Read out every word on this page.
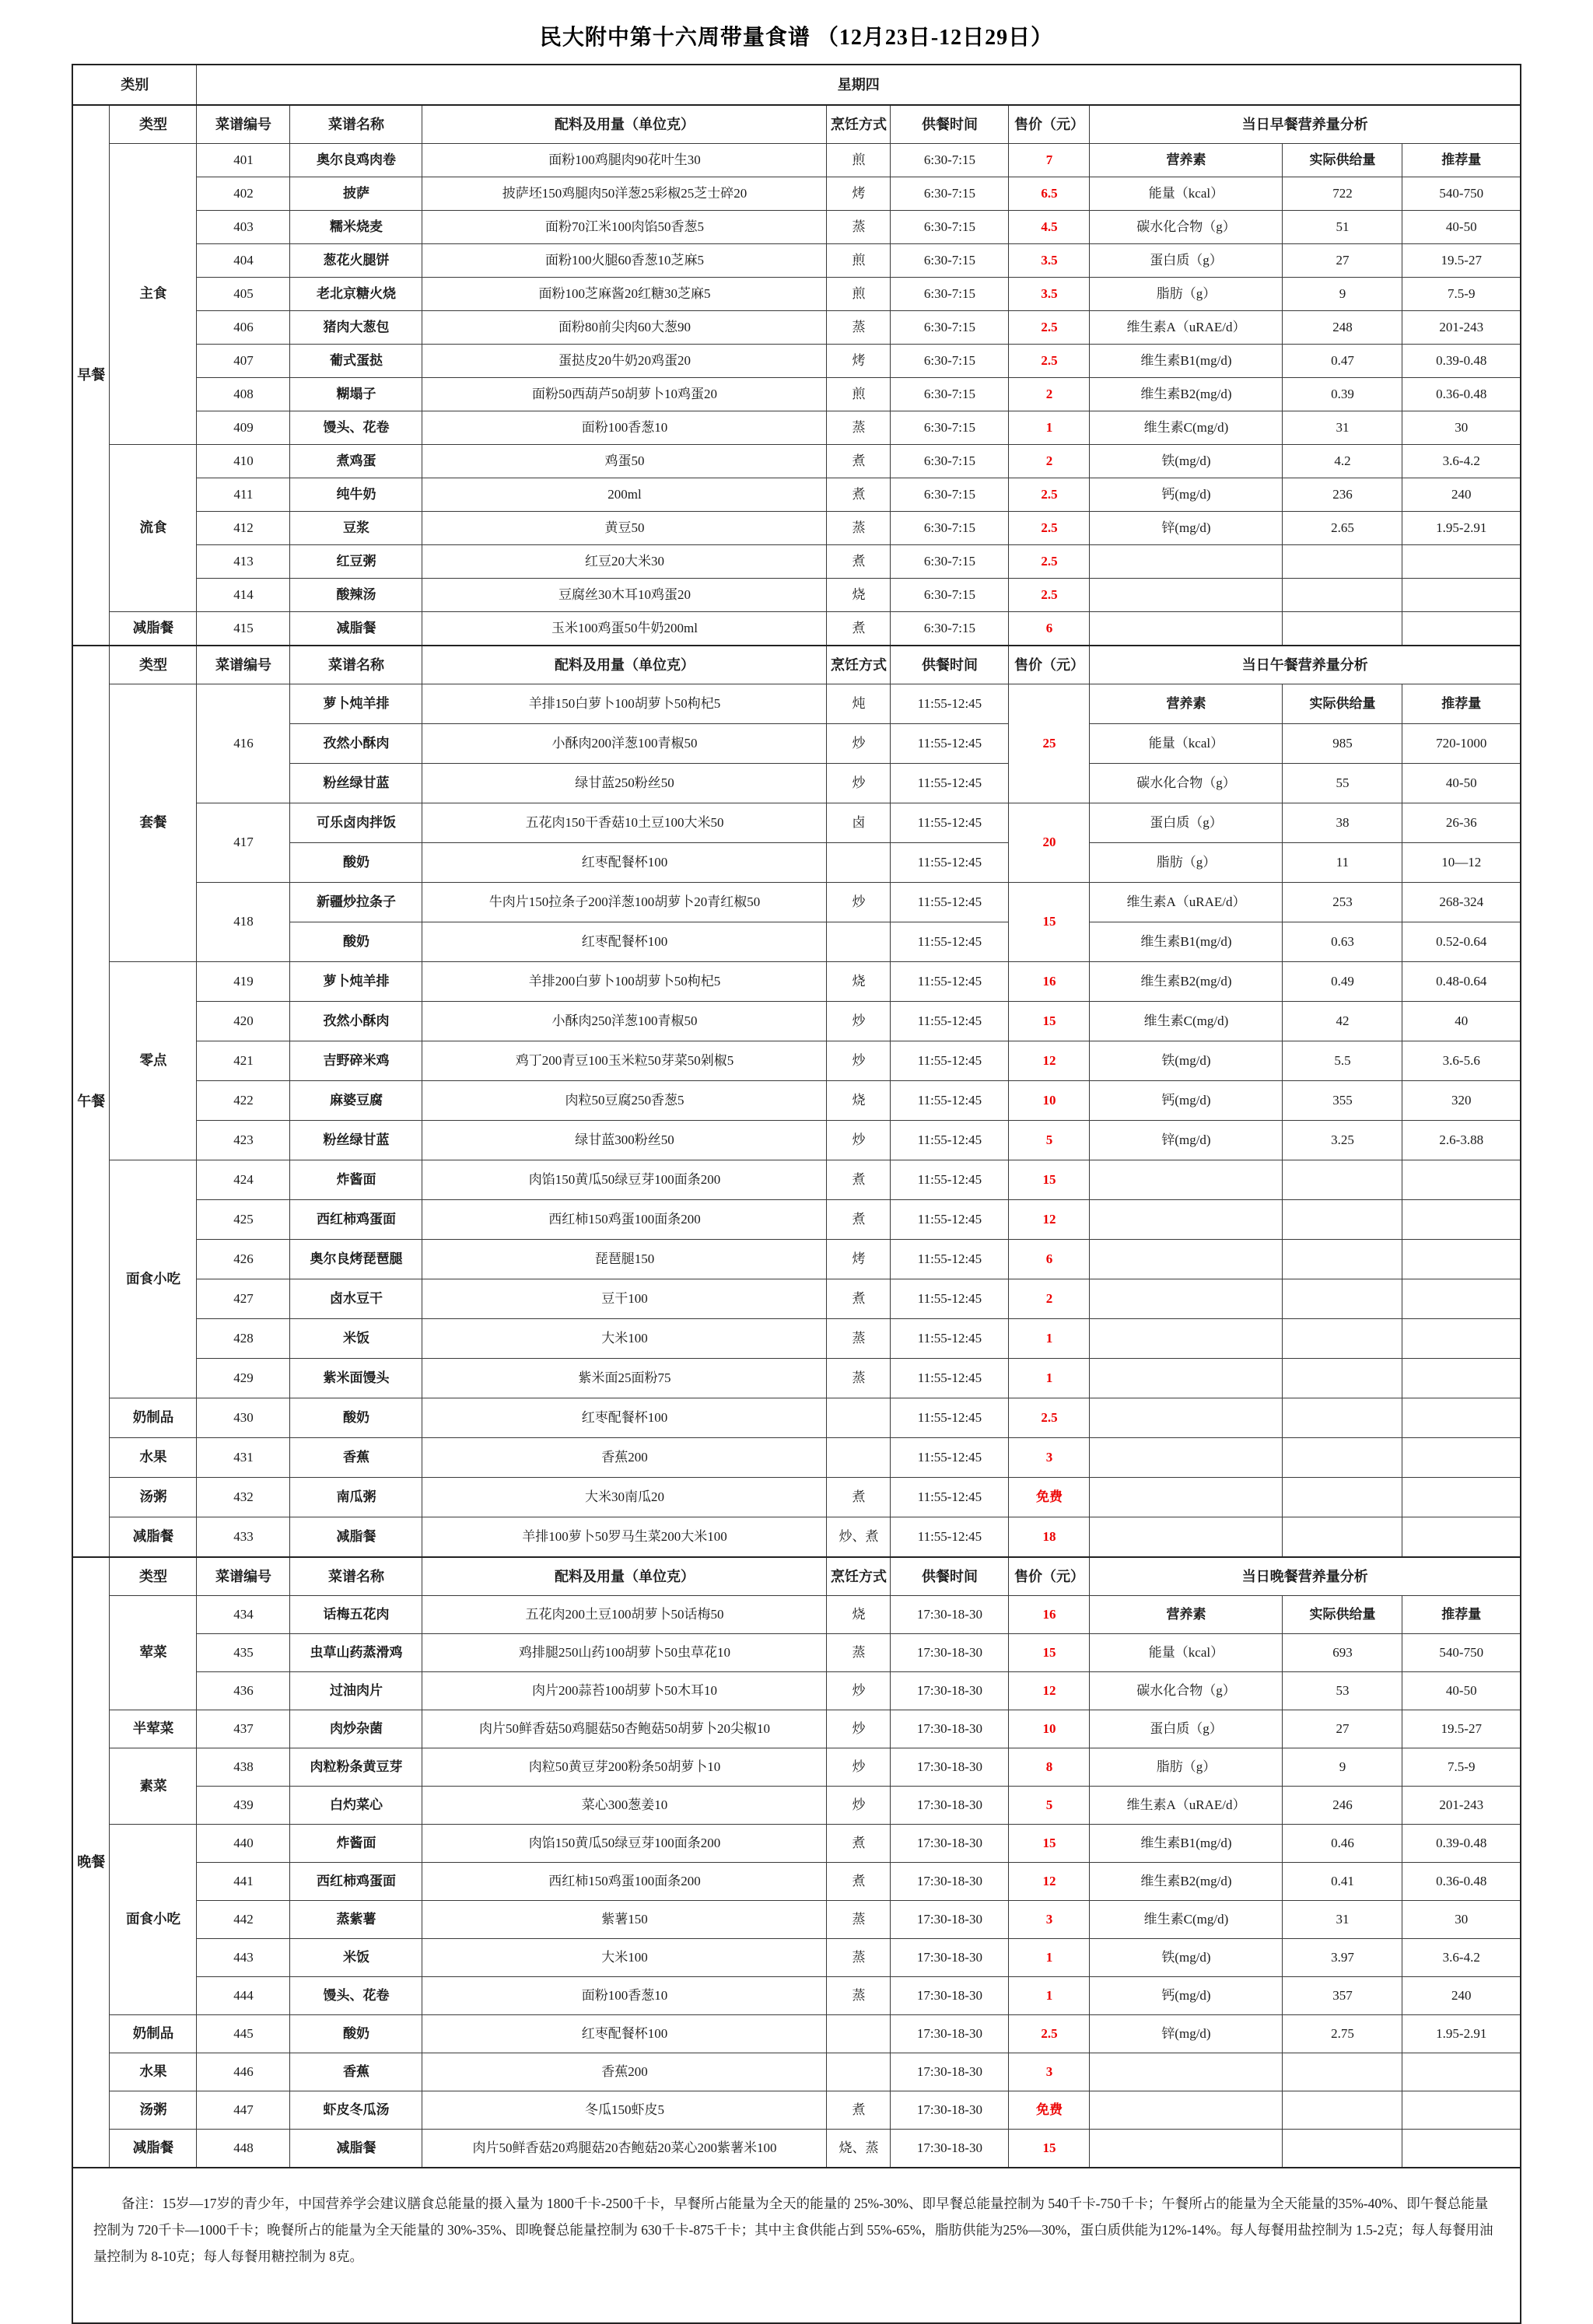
民大附中第十六周带量食谱 （12月23日-12日29日）
类别		星期四								
早餐	类型	菜谱编号	菜谱名称	配料及用量（单位克）	烹饪方式	供餐时间	售价（元）	当日早餐营养量分析		
	主食	401	奥尔良鸡肉卷	面粉100鸡腿肉90花叶生30	煎	6:30-7:15	7	营养素	实际供给量	推荐量
		402	披萨	披萨坯150鸡腿肉50洋葱25彩椒25芝士碎20	烤	6:30-7:15	6.5	能量（kcal）	722	540-750
		403	糯米烧麦	面粉70江米100肉馅50香葱5	蒸	6:30-7:15	4.5	碳水化合物（g）	51	40-50
		404	葱花火腿饼	面粉100火腿60香葱10芝麻5	煎	6:30-7:15	3.5	蛋白质（g）	27	19.5-27
		405	老北京糖火烧	面粉100芝麻酱20红糖30芝麻5	煎	6:30-7:15	3.5	脂肪（g）	9	7.5-9
		406	猪肉大葱包	面粉80前尖肉60大葱90	蒸	6:30-7:15	2.5	维生素A（uRAE/d）	248	201-243
		407	葡式蛋挞	蛋挞皮20牛奶20鸡蛋20	烤	6:30-7:15	2.5	维生素B1(mg/d)	0.47	0.39-0.48
		408	糊塌子	面粉50西葫芦50胡萝卜10鸡蛋20	煎	6:30-7:15	2	维生素B2(mg/d)	0.39	0.36-0.48
		409	馒头、花卷	面粉100香葱10	蒸	6:30-7:15	1	维生素C(mg/d)	31	30
	流食	410	煮鸡蛋	鸡蛋50	煮	6:30-7:15	2	铁(mg/d)	4.2	3.6-4.2
		411	纯牛奶	200ml	煮	6:30-7:15	2.5	钙(mg/d)	236	240
		412	豆浆	黄豆50	蒸	6:30-7:15	2.5	锌(mg/d)	2.65	1.95-2.91
		413	红豆粥	红豆20大米30	煮	6:30-7:15	2.5			
		414	酸辣汤	豆腐丝30木耳10鸡蛋20	烧	6:30-7:15	2.5			
	减脂餐	415	减脂餐	玉米100鸡蛋50牛奶200ml	煮	6:30-7:15	6			
午餐	类型	菜谱编号	菜谱名称	配料及用量（单位克）	烹饪方式	供餐时间	售价（元）	当日午餐营养量分析		
	套餐	416	萝卜炖羊排	羊排150白萝卜100胡萝卜50枸杞5	炖	11:55-12:45	25	营养素	实际供给量	推荐量
			孜然小酥肉	小酥肉200洋葱100青椒50	炒	11:55-12:45		能量（kcal）	985	720-1000
			粉丝绿甘蓝	绿甘蓝250粉丝50	炒	11:55-12:45		碳水化合物（g）	55	40-50
		417	可乐卤肉拌饭	五花肉150干香菇10土豆100大米50	卤	11:55-12:45	20	蛋白质（g）	38	26-36
			酸奶	红枣配餐杯100		11:55-12:45		脂肪（g）	11	10—12
		418	新疆炒拉条子	牛肉片150拉条子200洋葱100胡萝卜20青红椒50	炒	11:55-12:45	15	维生素A（uRAE/d）	253	268-324
			酸奶	红枣配餐杯100		11:55-12:45		维生素B1(mg/d)	0.63	0.52-0.64
	零点	419	萝卜炖羊排	羊排200白萝卜100胡萝卜50枸杞5	烧	11:55-12:45	16	维生素B2(mg/d)	0.49	0.48-0.64
		420	孜然小酥肉	小酥肉250洋葱100青椒50	炒	11:55-12:45	15	维生素C(mg/d)	42	40
		421	吉野碎米鸡	鸡丁200青豆100玉米粒50芽菜50剁椒5	炒	11:55-12:45	12	铁(mg/d)	5.5	3.6-5.6
		422	麻婆豆腐	肉粒50豆腐250香葱5	烧	11:55-12:45	10	钙(mg/d)	355	320
		423	粉丝绿甘蓝	绿甘蓝300粉丝50	炒	11:55-12:45	5	锌(mg/d)	3.25	2.6-3.88
	面食小吃	424	炸酱面	肉馅150黄瓜50绿豆芽100面条200	煮	11:55-12:45	15			
		425	西红柿鸡蛋面	西红柿150鸡蛋100面条200	煮	11:55-12:45	12			
		426	奥尔良烤琵琶腿	琵琶腿150	烤	11:55-12:45	6			
		427	卤水豆干	豆干100	煮	11:55-12:45	2			
		428	米饭	大米100	蒸	11:55-12:45	1			
		429	紫米面馒头	紫米面25面粉75	蒸	11:55-12:45	1			
	奶制品	430	酸奶	红枣配餐杯100		11:55-12:45	2.5			
	水果	431	香蕉	香蕉200		11:55-12:45	3			
	汤粥	432	南瓜粥	大米30南瓜20	煮	11:55-12:45	免费			
	减脂餐	433	减脂餐	羊排100萝卜50罗马生菜200大米100	炒、煮	11:55-12:45	18			
晚餐	类型	菜谱编号	菜谱名称	配料及用量（单位克）	烹饪方式	供餐时间	售价（元）	当日晚餐营养量分析		
	荤菜	434	话梅五花肉	五花肉200土豆100胡萝卜50话梅50	烧	17:30-18-30	16	营养素	实际供给量	推荐量
		435	虫草山药蒸滑鸡	鸡排腿250山药100胡萝卜50虫草花10	蒸	17:30-18-30	15	能量（kcal）	693	540-750
		436	过油肉片	肉片200蒜苔100胡萝卜50木耳10	炒	17:30-18-30	12	碳水化合物（g）	53	40-50
	半荤菜	437	肉炒杂菌	肉片50鲜香菇50鸡腿菇50杏鲍菇50胡萝卜20尖椒10	炒	17:30-18-30	10	蛋白质（g）	27	19.5-27
	素菜	438	肉粒粉条黄豆芽	肉粒50黄豆芽200粉条50胡萝卜10	炒	17:30-18-30	8	脂肪（g）	9	7.5-9
		439	白灼菜心	菜心300葱姜10	炒	17:30-18-30	5	维生素A（uRAE/d）	246	201-243
	面食小吃	440	炸酱面	肉馅150黄瓜50绿豆芽100面条200	煮	17:30-18-30	15	维生素B1(mg/d)	0.46	0.39-0.48
		441	西红柿鸡蛋面	西红柿150鸡蛋100面条200	煮	17:30-18-30	12	维生素B2(mg/d)	0.41	0.36-0.48
		442	蒸紫薯	紫薯150	蒸	17:30-18-30	3	维生素C(mg/d)	31	30
		443	米饭	大米100	蒸	17:30-18-30	1	铁(mg/d)	3.97	3.6-4.2
		444	馒头、花卷	面粉100香葱10	蒸	17:30-18-30	1	钙(mg/d)	357	240
	奶制品	445	酸奶	红枣配餐杯100		17:30-18-30	2.5	锌(mg/d)	2.75	1.95-2.91
	水果	446	香蕉	香蕉200		17:30-18-30	3			
	汤粥	447	虾皮冬瓜汤	冬瓜150虾皮5	煮	17:30-18-30	免费			
	减脂餐	448	减脂餐	肉片50鲜香菇20鸡腿菇20杏鲍菇20菜心200紫薯米100	烧、蒸	17:30-18-30	15			
备注：15岁—17岁的青少年，中国营养学会建议膳食总能量的摄入量为 1800千卡-2500千卡，早餐所占能量为全天的能量的 25%-30%、即早餐总能量控制为 540千卡-750千卡；午餐所占的能量为全天能量的35%-40%、即午餐总能量控制为 720千卡—1000千卡；晚餐所占的能量为全天能量的 30%-35%、即晚餐总能量控制为 630千卡-875千卡；其中主食供能占到 55%-65%，脂肪供能为25%—30%，蛋白质供能为12%-14%。每人每餐用盐控制为 1.5-2克；每人每餐用油量控制为 8-10克；每人每餐用糖控制为 8克。										
